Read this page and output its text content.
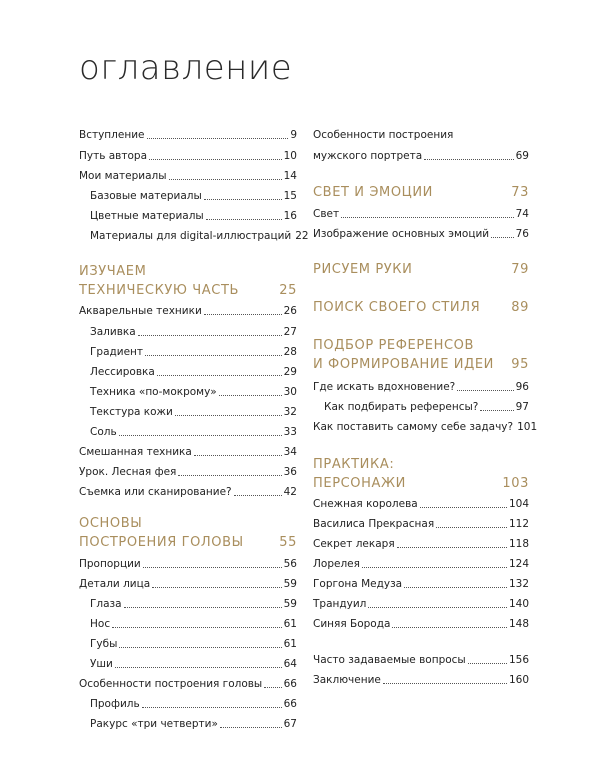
оглавление
Вступление	9
Путь автора	10
Мои материалы	14
Базовые материалы	15
Цветные материалы	16
Материалы для digital-иллюстраций 22
ИЗУЧАЕМ
ТЕХНИЧЕСКУЮ ЧАСТЬ	25
Акварельные техники	26
Заливка	27
Градиент	28
Лессировка	29
Техника «по-мокрому»	30
Текстура кожи	32
Соль	33
Смешанная техника	34
Урок. Лесная фея	36
Съемка или сканирование?	42
ОСНОВЫ
ПОСТРОЕНИЯ ГОЛОВЫ	55
Пропорции	56
Детали лица	59
Глаза	59
Нос	61
Губы	61
Уши	64
Особенности построения головы 66
Профиль	66
Ракурс «три четверти»	67
Особенности построения
мужского портрета	69
СВЕТ И ЭМОЦИИ	73
Свет	74
Изображение основных эмоций	76
РИСУЕМ РУКИ	79
ПОИСК СВОЕГО СТИЛЯ 89
ПОДБОР РЕФЕРЕНСОВ
И ФОРМИРОВАНИЕ ИДЕИ 95
Где искать вдохновение?	96
Как подбирать референсы?	97
Как поставить самому себе задачу? 101
ПРАКТИКА:
ПЕРСОНАЖИ	103
Снежная королева	104
Василиса Прекрасная	112
Секрет лекаря	118
Лорелея	124
Горгона Медуза	132
Трандуил	140
Синяя Борода	148
Часто задаваемые вопросы	156
Заключение	160
